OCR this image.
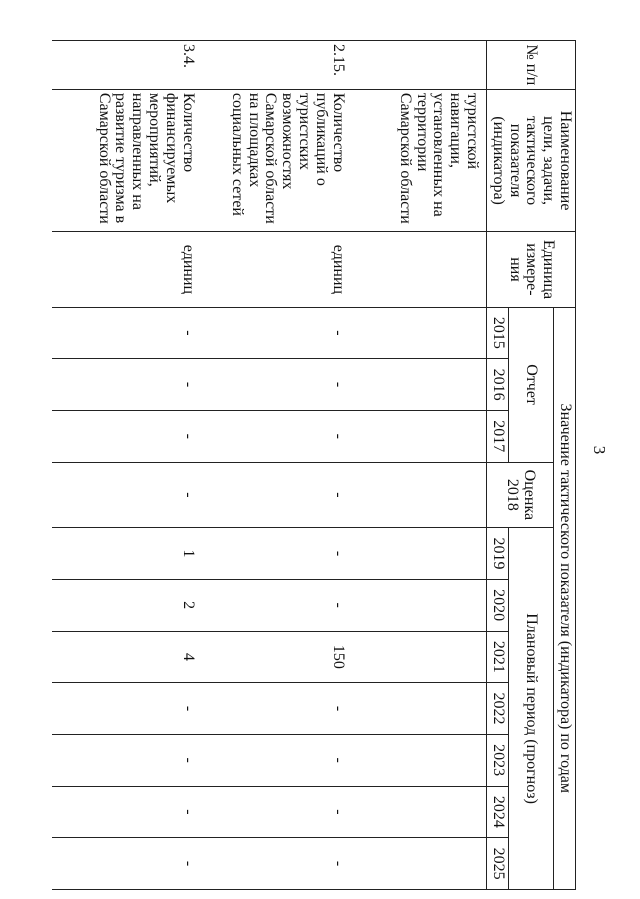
3
№ п/п	Наименование цели, задачи, тактического показателя (индикатора)	Единица измере-ния	Значение тактического показателя (индикатора) по годам										
			Отчет			Оценка 2018	Плановый период (прогноз)						
			2015	2016	2017		2019	2020	2021	2022	2023	2024	2025
	туристской навигации, установленных на территории Самарской области												
2.15.	Количество публикаций о туристских возможностях Самарской области на площадках социальных сетей	единиц	-	-	-	-	-	-	150	-	-	-	-
3.4.	Количество финансируемых мероприятий, направленных на развитие туризма в Самарской области	единиц	-	-	-	-	1	2	4	-	-	-	-
